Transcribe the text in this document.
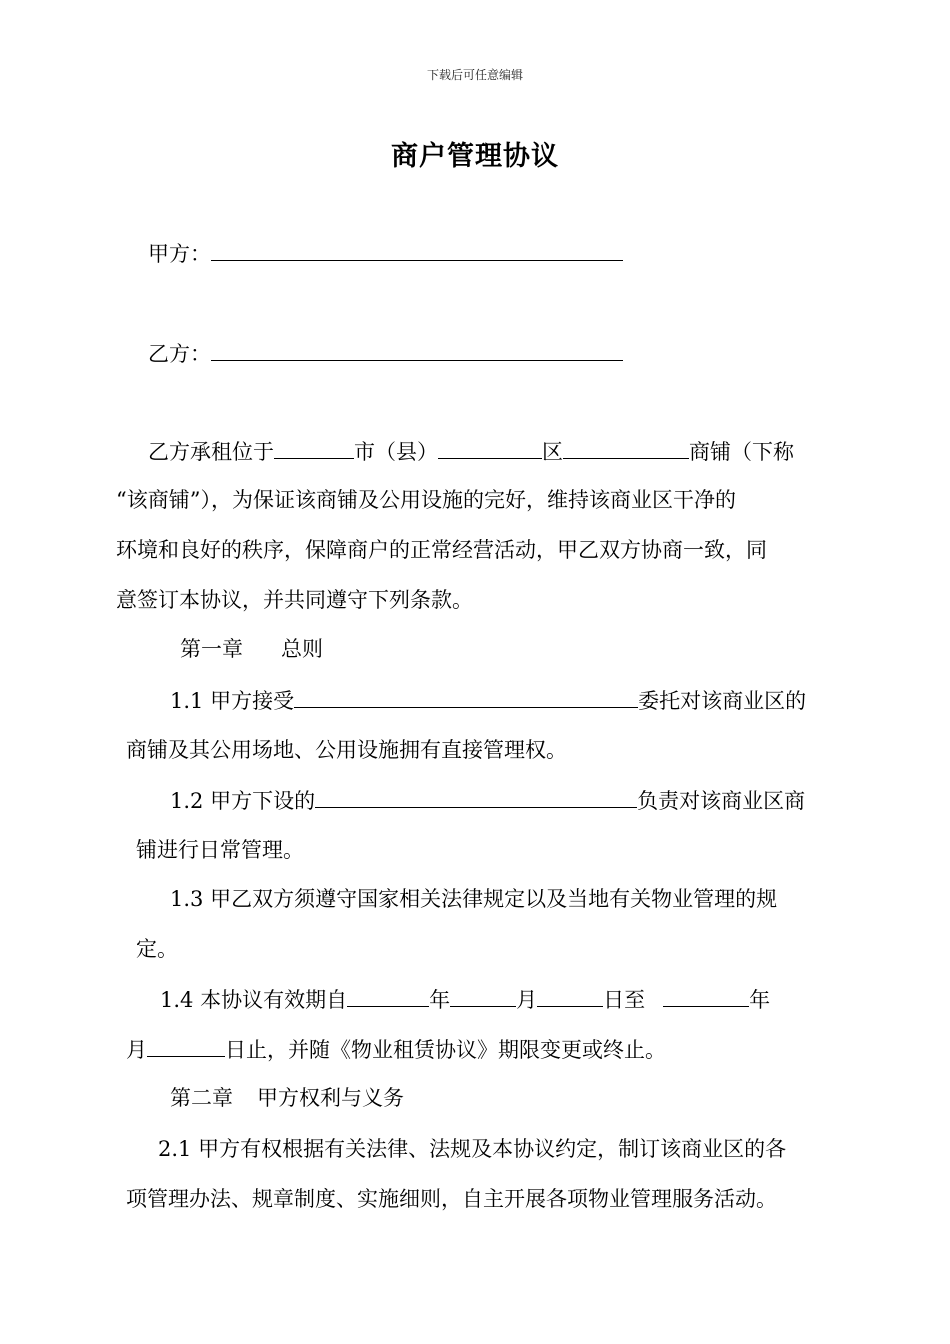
下载后可任意编辑
商户管理协议
甲方：
乙方：
乙方承租位于	市（县）	区	商铺（下称
“该商铺”），为保证该商铺及公用设施的完好，维持该商业区干净的
环境和良好的秩序，保障商户的正常经营活动，甲乙双方协商一致，同
意签订本协议，并共同遵守下列条款。
第一章 总则
1.1 甲方接受	委托对该商业区的
商铺及其公用场地、公用设施拥有直接管理权。
1.2 甲方下设的	负责对该商业区商
铺进行日常管理。
1.3 甲乙双方须遵守国家相关法律规定以及当地有关物业管理的规
定。
1.4 本协议有效期自	年	月	日至	年
月	日止，并随《物业租赁协议》期限变更或终止。
第二章 甲方权利与义务
2.1 甲方有权根据有关法律、法规及本协议约定，制订该商业区的各
项管理办法、规章制度、实施细则，自主开展各项物业管理服务活动。
